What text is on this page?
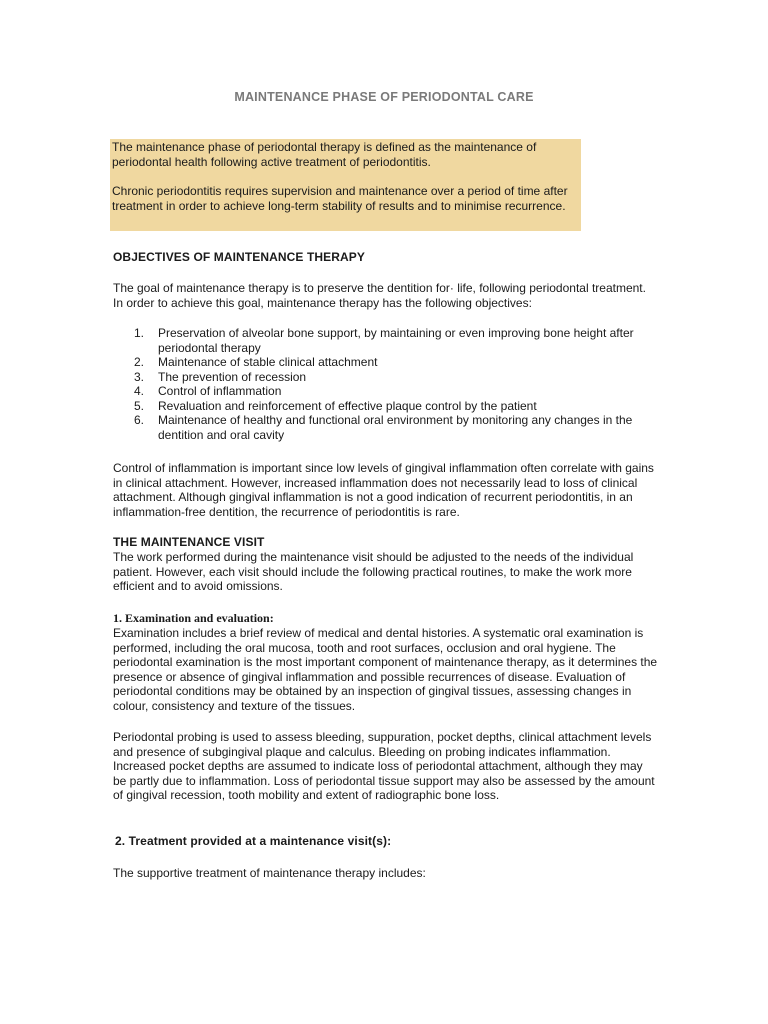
MAINTENANCE PHASE OF PERIODONTAL CARE

The maintenance phase of periodontal therapy is defined as the maintenance of periodontal health following active treatment of periodontitis.

Chronic periodontitis requires supervision and maintenance over a period of time after treatment in order to achieve long-term stability of results and to minimise recurrence.

OBJECTIVES OF MAINTENANCE THERAPY

The goal of maintenance therapy is to preserve the dentition for· life, following periodontal treatment. In order to achieve this goal, maintenance therapy has the following objectives:

1.	Preservation of alveolar bone support, by maintaining or even improving bone height after periodontal therapy
2.	Maintenance of stable clinical attachment
3.	The prevention of recession
4.	Control of inflammation
5.	Revaluation and reinforcement of effective plaque control by the patient
6.	Maintenance of healthy and functional oral environment by monitoring any changes in the dentition and oral cavity

Control of inflammation is important since low levels of gingival inflammation often correlate with gains in clinical attachment. However, increased inflammation does not necessarily lead to loss of clinical attachment. Although gingival inflammation is not a good indication of recurrent periodontitis, in an inflammation-free dentition, the recurrence of periodontitis is rare.

THE MAINTENANCE VISIT

The work performed during the maintenance visit should be adjusted to the needs of the individual patient. However, each visit should include the following practical routines, to make the work more efficient and to avoid omissions.

1. Examination and evaluation:

Examination includes a brief review of medical and dental histories. A systematic oral examination is performed, including the oral mucosa, tooth and root surfaces, occlusion and oral hygiene. The periodontal examination is the most important component of maintenance therapy, as it determines the presence or absence of gingival inflammation and possible recurrences of disease. Evaluation of periodontal conditions may be obtained by an inspection of gingival tissues, assessing changes in colour, consistency and texture of the tissues.

Periodontal probing is used to assess bleeding, suppuration, pocket depths, clinical attachment levels and presence of subgingival plaque and calculus. Bleeding on probing indicates inflammation. Increased pocket depths are assumed to indicate loss of periodontal attachment, although they may be partly due to inflammation. Loss of periodontal tissue support may also be assessed by the amount of gingival recession, tooth mobility and extent of radiographic bone loss.

2. Treatment provided at a maintenance visit(s):

The supportive treatment of maintenance therapy includes:
